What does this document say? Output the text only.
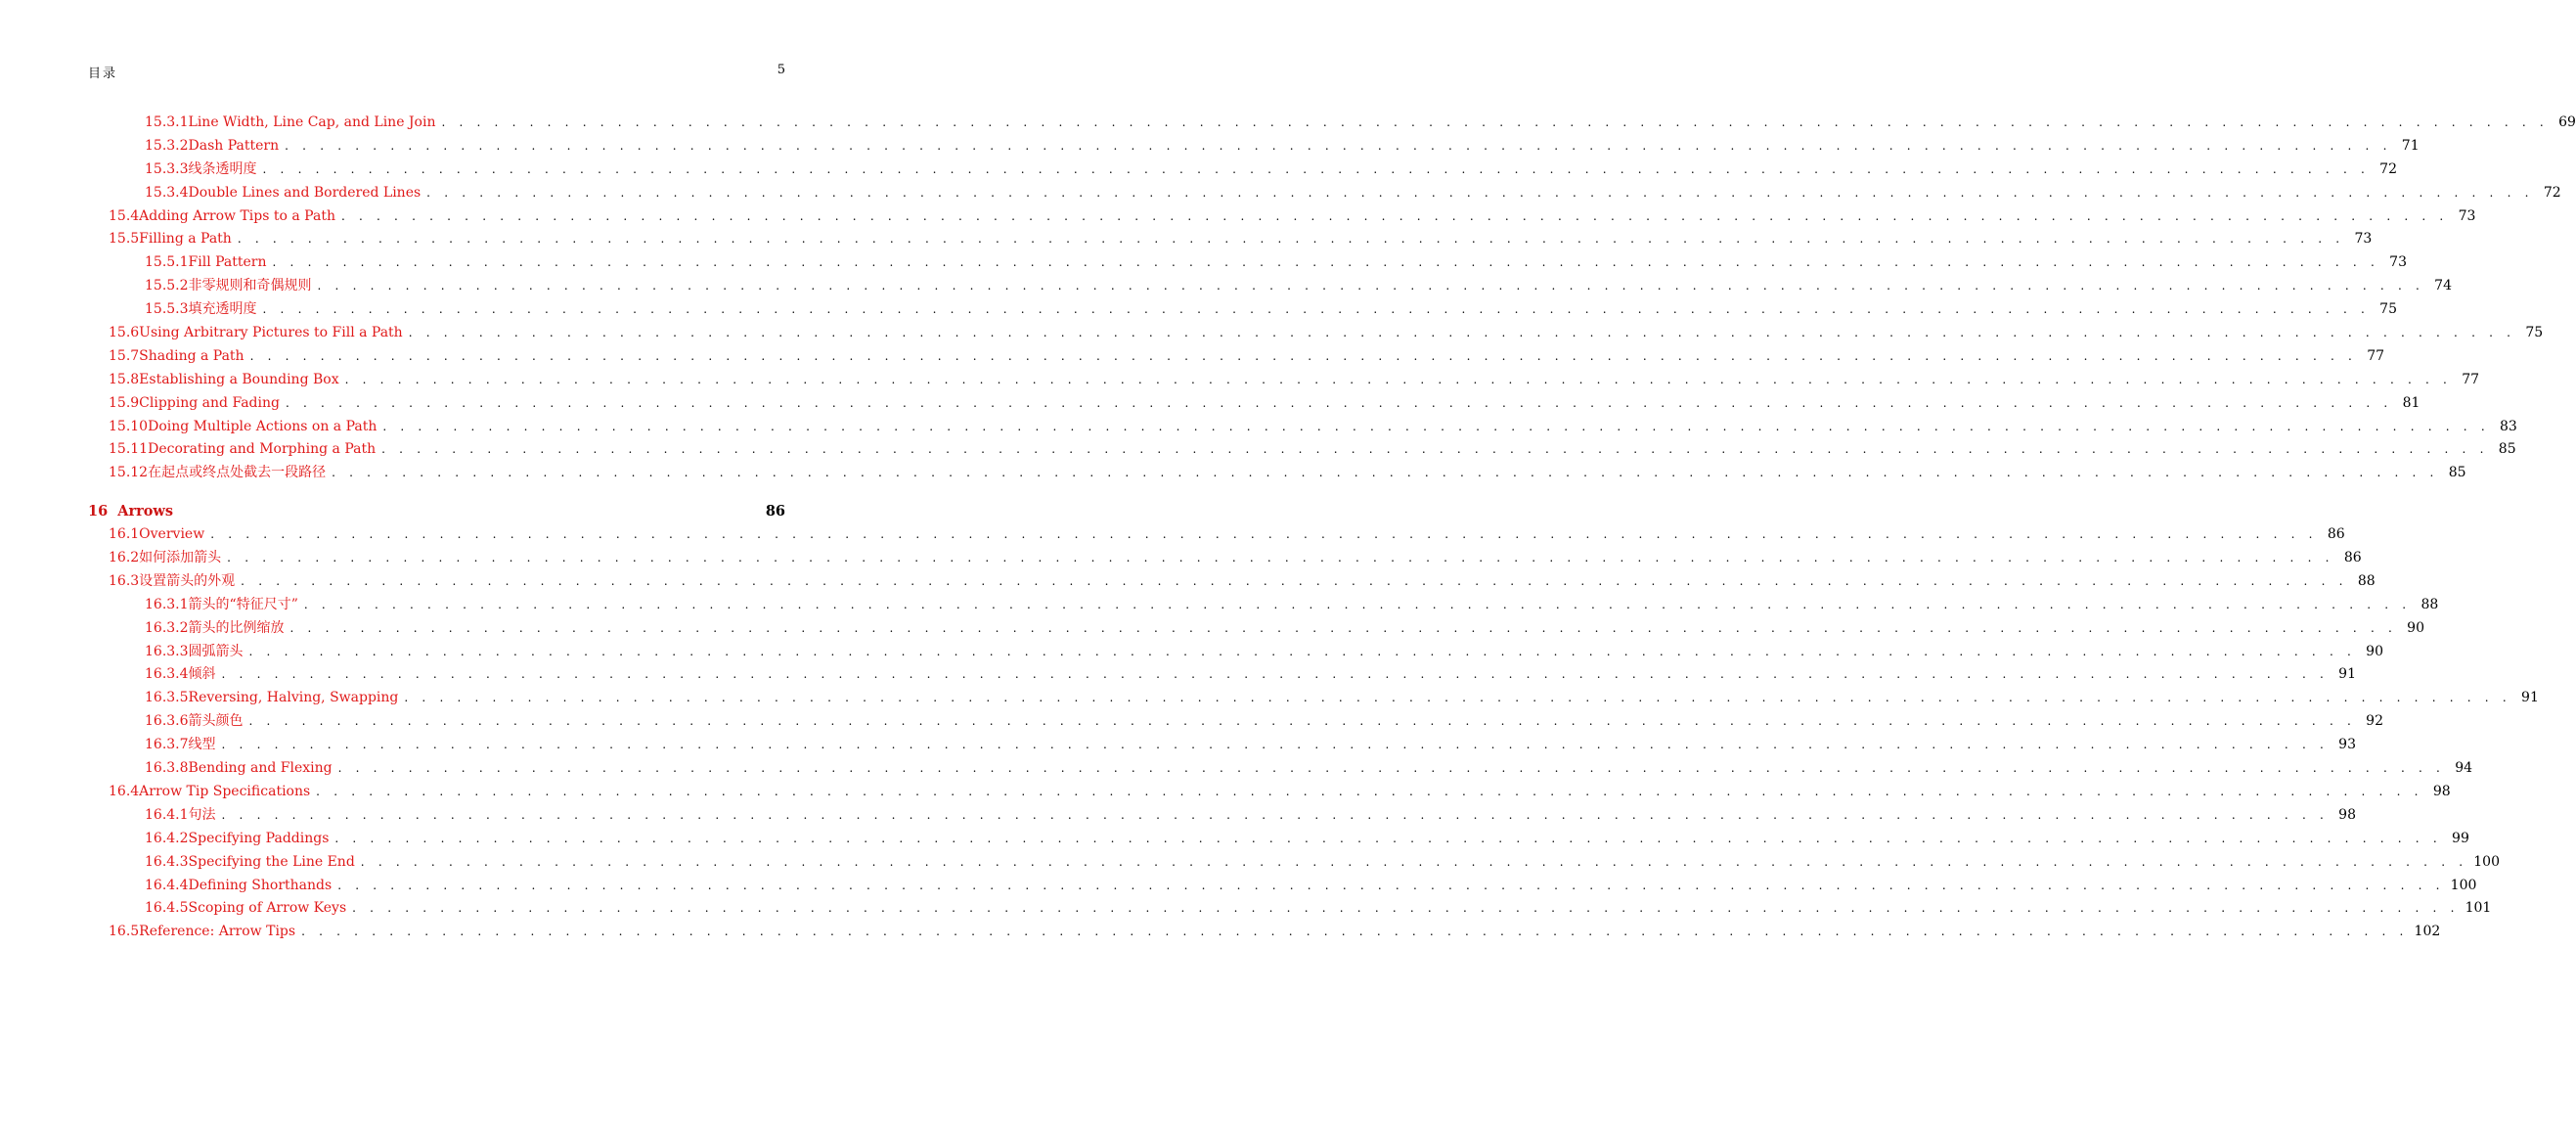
目录	5
15.3.1 Line Width, Line Cap, and Line Join . . . . . . . . . . . . . . . . . . . . . . . . . . . . . . . . . . . . . . . . . . . . . . . . . . . . . . . . . . . . . . . . . . . . . . . . . . . . . . . . . . . . . . . . . . . . . . . . . . . . . . . . . . . . . . . . . . . . . . . . 69
15.3.2 Dash Pattern . . . . . . . . . . . . . . . . . . . . . . . . . . . . . . . . . . . . . . . . . . . . . . . . . . . . . . . . . . . . . . . . . . . . . . . . . . . . . . . . . . . . . . . . . . . . . . . . . . . . . . . . . . . . . . . . . . . . . . . . 71
15.3.3 线条透明度 . . . . . . . . . . . . . . . . . . . . . . . . . . . . . . . . . . . . . . . . . . . . . . . . . . . . . . . . . . . . . . . . . . . . . . . . . . . . . . . . . . . . . . . . . . . . . . . . . . . . . . . . . . . . . . . . . . . . . . . . 72
15.3.4 Double Lines and Bordered Lines . . . . . . . . . . . . . . . . . . . . . . . . . . . . . . . . . . . . . . . . . . . . . . . . . . . . . . . . . . . . . . . . . . . . . . . . . . . . . . . . . . . . . . . . . . . . . . . . . . . . . . . . . . . . . . . . . . . . . . . . 72
15.4 Adding Arrow Tips to a Path . . . . . . . . . . . . . . . . . . . . . . . . . . . . . . . . . . . . . . . . . . . . . . . . . . . . . . . . . . . . . . . . . . . . . . . . . . . . . . . . . . . . . . . . . . . . . . . . . . . . . . . . . . . . . . . . . . . . . . . . 73
15.5 Filling a Path . . . . . . . . . . . . . . . . . . . . . . . . . . . . . . . . . . . . . . . . . . . . . . . . . . . . . . . . . . . . . . . . . . . . . . . . . . . . . . . . . . . . . . . . . . . . . . . . . . . . . . . . . . . . . . . . . . . . . . . . 73
15.5.1 Fill Pattern . . . . . . . . . . . . . . . . . . . . . . . . . . . . . . . . . . . . . . . . . . . . . . . . . . . . . . . . . . . . . . . . . . . . . . . . . . . . . . . . . . . . . . . . . . . . . . . . . . . . . . . . . . . . . . . . . . . . . . . . 73
15.5.2 非零规则和奇偶规则 . . . . . . . . . . . . . . . . . . . . . . . . . . . . . . . . . . . . . . . . . . . . . . . . . . . . . . . . . . . . . . . . . . . . . . . . . . . . . . . . . . . . . . . . . . . . . . . . . . . . . . . . . . . . . . . . . . . . . . . . 74
15.5.3 填充透明度 . . . . . . . . . . . . . . . . . . . . . . . . . . . . . . . . . . . . . . . . . . . . . . . . . . . . . . . . . . . . . . . . . . . . . . . . . . . . . . . . . . . . . . . . . . . . . . . . . . . . . . . . . . . . . . . . . . . . . . . . 75
15.6 Using Arbitrary Pictures to Fill a Path . . . . . . . . . . . . . . . . . . . . . . . . . . . . . . . . . . . . . . . . . . . . . . . . . . . . . . . . . . . . . . . . . . . . . . . . . . . . . . . . . . . . . . . . . . . . . . . . . . . . . . . . . . . . . . . . . . . . . . . . 75
15.7 Shading a Path . . . . . . . . . . . . . . . . . . . . . . . . . . . . . . . . . . . . . . . . . . . . . . . . . . . . . . . . . . . . . . . . . . . . . . . . . . . . . . . . . . . . . . . . . . . . . . . . . . . . . . . . . . . . . . . . . . . . . . . . 77
15.8 Establishing a Bounding Box . . . . . . . . . . . . . . . . . . . . . . . . . . . . . . . . . . . . . . . . . . . . . . . . . . . . . . . . . . . . . . . . . . . . . . . . . . . . . . . . . . . . . . . . . . . . . . . . . . . . . . . . . . . . . . . . . . . . . . . . 77
15.9 Clipping and Fading . . . . . . . . . . . . . . . . . . . . . . . . . . . . . . . . . . . . . . . . . . . . . . . . . . . . . . . . . . . . . . . . . . . . . . . . . . . . . . . . . . . . . . . . . . . . . . . . . . . . . . . . . . . . . . . . . . . . . . . . 81
15.10 Doing Multiple Actions on a Path . . . . . . . . . . . . . . . . . . . . . . . . . . . . . . . . . . . . . . . . . . . . . . . . . . . . . . . . . . . . . . . . . . . . . . . . . . . . . . . . . . . . . . . . . . . . . . . . . . . . . . . . . . . . . . . . . . . . . . . . 83
15.11 Decorating and Morphing a Path . . . . . . . . . . . . . . . . . . . . . . . . . . . . . . . . . . . . . . . . . . . . . . . . . . . . . . . . . . . . . . . . . . . . . . . . . . . . . . . . . . . . . . . . . . . . . . . . . . . . . . . . . . . . . . . . . . . . . . . . 85
15.12 在起点或终点处截去一段路径 . . . . . . . . . . . . . . . . . . . . . . . . . . . . . . . . . . . . . . . . . . . . . . . . . . . . . . . . . . . . . . . . . . . . . . . . . . . . . . . . . . . . . . . . . . . . . . . . . . . . . . . . . . . . . . . . . . . . . . . . 85
16 Arrows	86
16.1 Overview . . . . . . . . . . . . . . . . . . . . . . . . . . . . . . . . . . . . . . . . . . . . . . . . . . . . . . . . . . . . . . . . . . . . . . . . . . . . . . . . . . . . . . . . . . . . . . . . . . . . . . . . . . . . . . . . . . . . . . . . 86
16.2 如何添加箭头 . . . . . . . . . . . . . . . . . . . . . . . . . . . . . . . . . . . . . . . . . . . . . . . . . . . . . . . . . . . . . . . . . . . . . . . . . . . . . . . . . . . . . . . . . . . . . . . . . . . . . . . . . . . . . . . . . . . . . . . . 86
16.3 设置箭头的外观 . . . . . . . . . . . . . . . . . . . . . . . . . . . . . . . . . . . . . . . . . . . . . . . . . . . . . . . . . . . . . . . . . . . . . . . . . . . . . . . . . . . . . . . . . . . . . . . . . . . . . . . . . . . . . . . . . . . . . . . . 88
16.3.1 箭头的“特征尺寸” . . . . . . . . . . . . . . . . . . . . . . . . . . . . . . . . . . . . . . . . . . . . . . . . . . . . . . . . . . . . . . . . . . . . . . . . . . . . . . . . . . . . . . . . . . . . . . . . . . . . . . . . . . . . . . . . . . . . . . . . 88
16.3.2 箭头的比例缩放 . . . . . . . . . . . . . . . . . . . . . . . . . . . . . . . . . . . . . . . . . . . . . . . . . . . . . . . . . . . . . . . . . . . . . . . . . . . . . . . . . . . . . . . . . . . . . . . . . . . . . . . . . . . . . . . . . . . . . . . . 90
16.3.3 圆弧箭头 . . . . . . . . . . . . . . . . . . . . . . . . . . . . . . . . . . . . . . . . . . . . . . . . . . . . . . . . . . . . . . . . . . . . . . . . . . . . . . . . . . . . . . . . . . . . . . . . . . . . . . . . . . . . . . . . . . . . . . . . 90
16.3.4 倾斜 . . . . . . . . . . . . . . . . . . . . . . . . . . . . . . . . . . . . . . . . . . . . . . . . . . . . . . . . . . . . . . . . . . . . . . . . . . . . . . . . . . . . . . . . . . . . . . . . . . . . . . . . . . . . . . . . . . . . . . . . 91
16.3.5 Reversing, Halving, Swapping . . . . . . . . . . . . . . . . . . . . . . . . . . . . . . . . . . . . . . . . . . . . . . . . . . . . . . . . . . . . . . . . . . . . . . . . . . . . . . . . . . . . . . . . . . . . . . . . . . . . . . . . . . . . . . . . . . . . . . . . 91
16.3.6 箭头颜色 . . . . . . . . . . . . . . . . . . . . . . . . . . . . . . . . . . . . . . . . . . . . . . . . . . . . . . . . . . . . . . . . . . . . . . . . . . . . . . . . . . . . . . . . . . . . . . . . . . . . . . . . . . . . . . . . . . . . . . . . 92
16.3.7 线型 . . . . . . . . . . . . . . . . . . . . . . . . . . . . . . . . . . . . . . . . . . . . . . . . . . . . . . . . . . . . . . . . . . . . . . . . . . . . . . . . . . . . . . . . . . . . . . . . . . . . . . . . . . . . . . . . . . . . . . . . 93
16.3.8 Bending and Flexing . . . . . . . . . . . . . . . . . . . . . . . . . . . . . . . . . . . . . . . . . . . . . . . . . . . . . . . . . . . . . . . . . . . . . . . . . . . . . . . . . . . . . . . . . . . . . . . . . . . . . . . . . . . . . . . . . . . . . . . . 94
16.4 Arrow Tip Specifications . . . . . . . . . . . . . . . . . . . . . . . . . . . . . . . . . . . . . . . . . . . . . . . . . . . . . . . . . . . . . . . . . . . . . . . . . . . . . . . . . . . . . . . . . . . . . . . . . . . . . . . . . . . . . . . . . . . . . . . . 98
16.4.1 句法 . . . . . . . . . . . . . . . . . . . . . . . . . . . . . . . . . . . . . . . . . . . . . . . . . . . . . . . . . . . . . . . . . . . . . . . . . . . . . . . . . . . . . . . . . . . . . . . . . . . . . . . . . . . . . . . . . . . . . . . . 98
16.4.2 Specifying Paddings . . . . . . . . . . . . . . . . . . . . . . . . . . . . . . . . . . . . . . . . . . . . . . . . . . . . . . . . . . . . . . . . . . . . . . . . . . . . . . . . . . . . . . . . . . . . . . . . . . . . . . . . . . . . . . . . . . . . . . . . 99
16.4.3 Specifying the Line End . . . . . . . . . . . . . . . . . . . . . . . . . . . . . . . . . . . . . . . . . . . . . . . . . . . . . . . . . . . . . . . . . . . . . . . . . . . . . . . . . . . . . . . . . . . . . . . . . . . . . . . . . . . . . . . . . . . . . . . . 100
16.4.4 Defining Shorthands . . . . . . . . . . . . . . . . . . . . . . . . . . . . . . . . . . . . . . . . . . . . . . . . . . . . . . . . . . . . . . . . . . . . . . . . . . . . . . . . . . . . . . . . . . . . . . . . . . . . . . . . . . . . . . . . . . . . . . . . 100
16.4.5 Scoping of Arrow Keys . . . . . . . . . . . . . . . . . . . . . . . . . . . . . . . . . . . . . . . . . . . . . . . . . . . . . . . . . . . . . . . . . . . . . . . . . . . . . . . . . . . . . . . . . . . . . . . . . . . . . . . . . . . . . . . . . . . . . . . . 101
16.5 Reference: Arrow Tips . . . . . . . . . . . . . . . . . . . . . . . . . . . . . . . . . . . . . . . . . . . . . . . . . . . . . . . . . . . . . . . . . . . . . . . . . . . . . . . . . . . . . . . . . . . . . . . . . . . . . . . . . . . . . . . . . . . . . . . . 102
